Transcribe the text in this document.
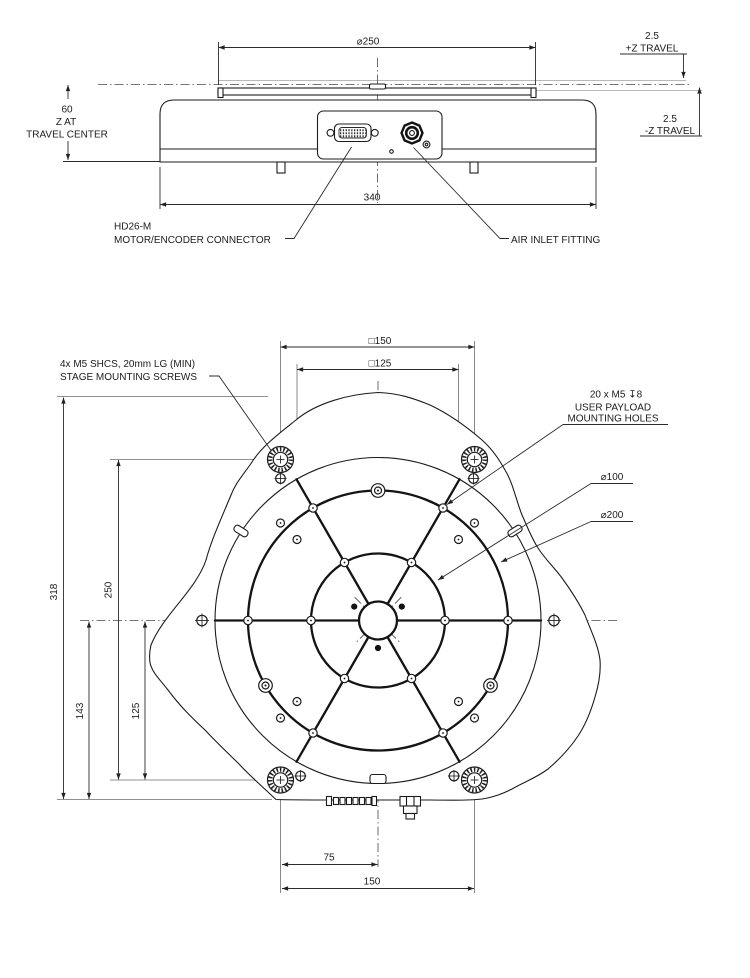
⌀250
340
60
Z AT
TRAVEL CENTER
2.5
+Z TRAVEL
2.5
-Z TRAVEL
HD26-M
MOTOR/ENCODER CONNECTOR	AIR INLET FITTING
□150
□125
318	250
143	125
75
150
4x M5 SHCS, 20mm LG (MIN)
STAGE MOUNTING SCREWS
20 x M5 ↧8
USER PAYLOAD
MOUNTING HOLES
⌀100
⌀200
